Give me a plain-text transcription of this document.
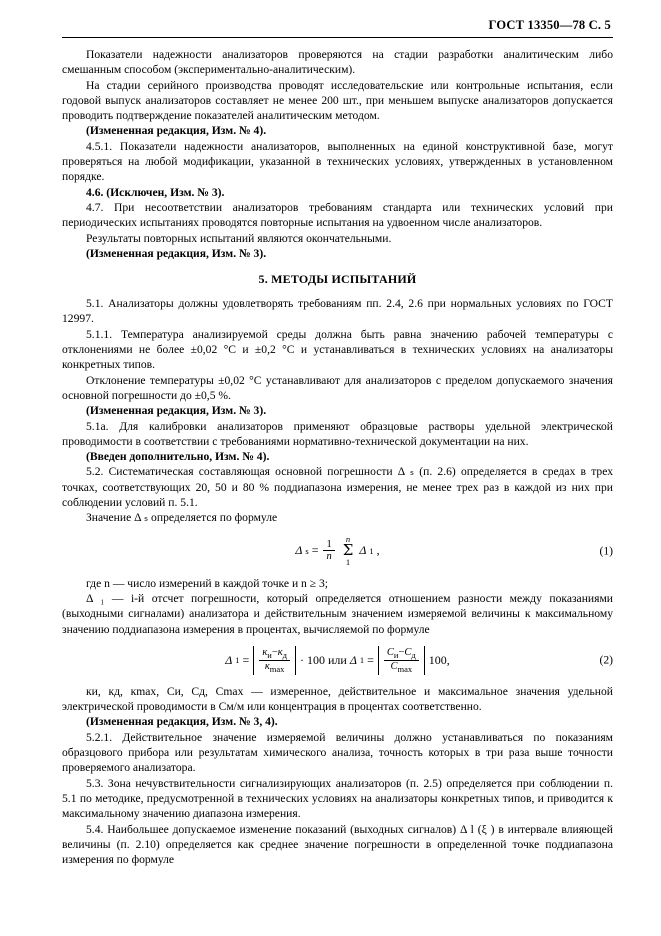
ГОСТ 13350—78 С. 5

Показатели надежности анализаторов проверяются на стадии разработки аналитическим либо смешанным способом (экспериментально-аналитическим).

На стадии серийного производства проводят исследовательские или контрольные испытания, если годовой выпуск анализаторов составляет не менее 200 шт., при меньшем выпуске анализаторов допускается проводить подтверждение показателей аналитическим методом.

(Измененная редакция, Изм. № 4).

4.5.1. Показатели надежности анализаторов, выполненных на единой конструктивной базе, могут проверяться на любой модификации, указанной в технических условиях, утвержденных в установленном порядке.

4.6. (Исключен, Изм. № 3).

4.7. При несоответствии анализаторов требованиям стандарта или технических условий при периодических испытаниях проводятся повторные испытания на удвоенном числе анализаторов.

Результаты повторных испытаний являются окончательными.

(Измененная редакция, Изм. № 3).

5. МЕТОДЫ ИСПЫТАНИЙ

5.1. Анализаторы должны удовлетворять требованиям пп. 2.4, 2.6 при нормальных условиях по ГОСТ 12997.

5.1.1. Температура анализируемой среды должна быть равна значению рабочей температуры с отклонениями не более ±0,02 °С и ±0,2 °С и устанавливаться в технических условиях на анализаторы конкретных типов.

Отклонение температуры ±0,02 °С устанавливают для анализаторов с пределом допускаемого значения основной погрешности до ±0,5 %.

(Измененная редакция, Изм. № 3).

5.1а. Для калибровки анализаторов применяют образцовые растворы удельной электрической проводимости в соответствии с требованиями нормативно-технической документации на них.

(Введен дополнительно, Изм. № 4).

5.2. Систематическая составляющая основной погрешности Δ ₛ (п. 2.6) определяется в средах в трех точках, соответствующих 20, 50 и 80 % поддиапазона измерения, не менее трех раз в каждой из них при соблюдении условий п. 5.1.

Значение Δ ₛ определяется по формуле

Δ $s = \frac{1}{n}$
n
Σ
1
Δ 1 ,	(1)

где n — число измерений в каждой точке и n ≥ 3;

Δ ₁ — i-й отсчет погрешности, который определяется отношением разности между показаниями (выходными сигналами) анализатора и действительным значением измеряемой величины к максимальному значению поддиапазона измерения в процентах, вычисляемой по формуле

Δ $1 = \frac{к_и-к_д}{к_{max}} \cdot 100$ или Δ $1 = \frac{C_и-C_д}{C_{max}} 100$,	(2)

ки, кд, кmax, Cи, Cд, Cmax — измеренное, действительное и максимальное значения удельной электрической проводимости в См/м или концентрация в процентах соответственно.

(Измененная редакция, Изм. № 3, 4).

5.2.1. Действительное значение измеряемой величины должно устанавливаться по показаниям образцового прибора или результатам химического анализа, точность которых в три раза выше точности проверяемого анализатора.

5.3. Зона нечувствительности сигнализирующих анализаторов (п. 2.5) определяется при соблюдении п. 5.1 по методике, предусмотренной в технических условиях на анализаторы конкретных типов, и приводится к максимальному значению диапазона измерения.

5.4. Наибольшее допускаемое изменение показаний (выходных сигналов) Δ l (ξ ) в интервале влияющей величины (п. 2.10) определяется как среднее значение погрешности в определенной точке поддиапазона измерения по формуле
